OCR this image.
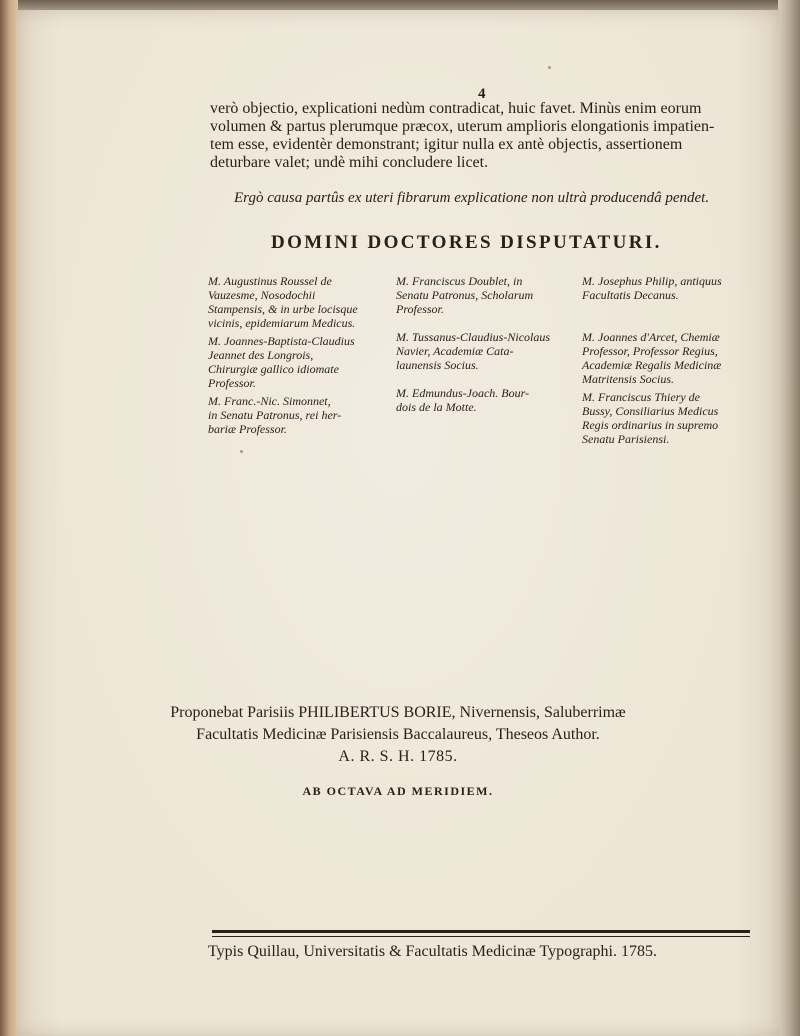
4
verò objectio, explicationi nedùm contradicat, huic favet. Minùs enim eorum
volumen & partus plerumque præcox, uterum amplioris elongationis impatien-
tem esse, evidentèr demonstrant; igitur nulla ex antè objectis, assertionem
deturbare valet; undè mihi concludere licet.
Ergò causa partûs ex uteri fibrarum explicatione non ultrà producendâ pendet.
DOMINI DOCTORES DISPUTATURI.
M. Augustinus Roussel de
Vauzesme, Nosodochii
Stampensis, & in urbe locisque
vicinis, epidemiarum Medicus.
M. Joannes-Baptista-Claudius
Jeannet des Longrois,
Chirurgiæ gallico idiomate
Professor.
M. Franc.-Nic. Simonnet,
in Senatu Patronus, rei her-
bariæ Professor.
M. Franciscus Doublet, in
Senatu Patronus, Scholarum
Professor.
M. Tussanus-Claudius-Nicolaus
Navier, Academiæ Cata-
launensis Socius.
M. Edmundus-Joach. Bour-
dois de la Motte.
M. Josephus Philip, antiquus
Facultatis Decanus.
M. Joannes d'Arcet, Chemiæ
Professor, Professor Regius,
Academiæ Regalis Medicinæ
Matritensis Socius.
M. Franciscus Thiery de
Bussy, Consiliarius Medicus
Regis ordinarius in supremo
Senatu Parisiensi.
Proponebat Parisiis PHILIBERTUS BORIE, Nivernensis, Saluberrimæ
Facultatis Medicinæ Parisiensis Baccalaureus, Theseos Author.
A. R. S. H. 1785.
AB OCTAVA AD MERIDIEM.
Typis Quillau, Universitatis & Facultatis Medicinæ Typographi. 1785.
